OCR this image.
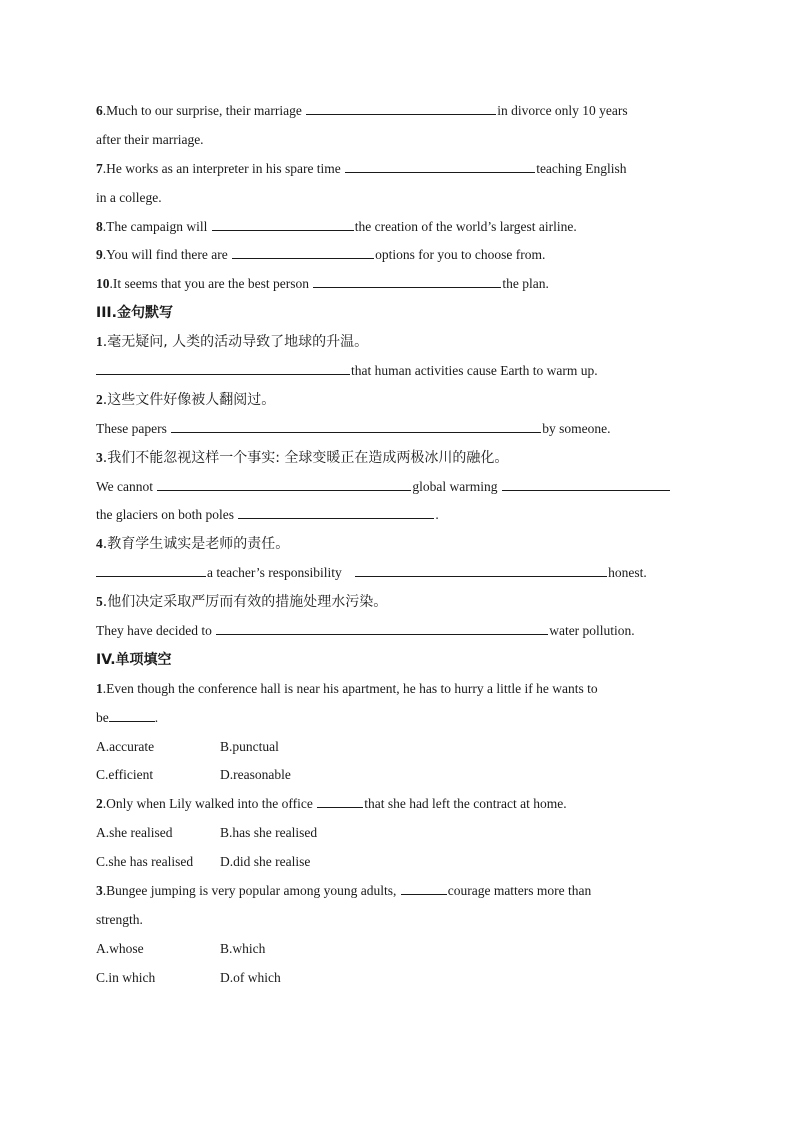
6.Much to our surprise, their marriage	in divorce only 10 years
after their marriage.
7.He works as an interpreter in his spare time	teaching English
in a college.
8.The campaign will	the creation of the world’s largest airline.
9.You will find there are	options for you to choose from.
10.It seems that you are the best person	the plan.
III.金句默写
1.毫无疑问, 人类的活动导致了地球的升温。
that human activities cause Earth to warm up.
2.这些文件好像被人翻阅过。
These papers	by someone.
3.我们不能忽视这样一个事实: 全球变暖正在造成两极冰川的融化。
We cannot	global warming
the glaciers on both poles	.
4.教育学生诚实是老师的责任。
a teacher’s responsibility	honest.
5.他们决定采取严厉而有效的措施处理水污染。
They have decided to	water pollution.
IV.单项填空
1.Even though the conference hall is near his apartment, he has to hurry a little if he wants to
be	.
A.accurate	B.punctual
C.efficient	D.reasonable
2.Only when Lily walked into the office	that she had left the contract at home.
A.she realised	B.has she realised
C.she has realised D.did she realise
3.Bungee jumping is very popular among young adults,	courage matters more than
strength.
A.whose	B.which
C.in which	D.of which
